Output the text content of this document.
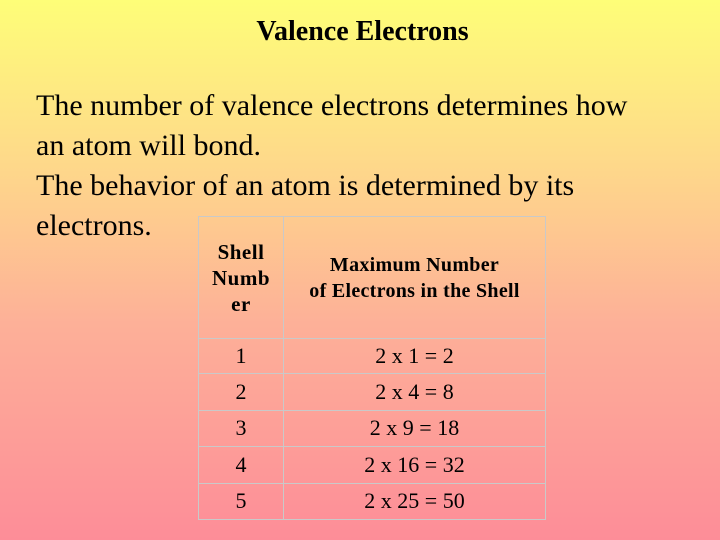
Valence Electrons
The number of valence electrons determines how
an atom will bond.
The behavior of an atom is determined by its
electrons.
Shell Number	Maximum Number
of Electrons in the Shell
1	2 x 1 = 2
2	2 x 4 = 8
3	2 x 9 = 18
4	2 x 16 = 32
5	2 x 25 = 50
